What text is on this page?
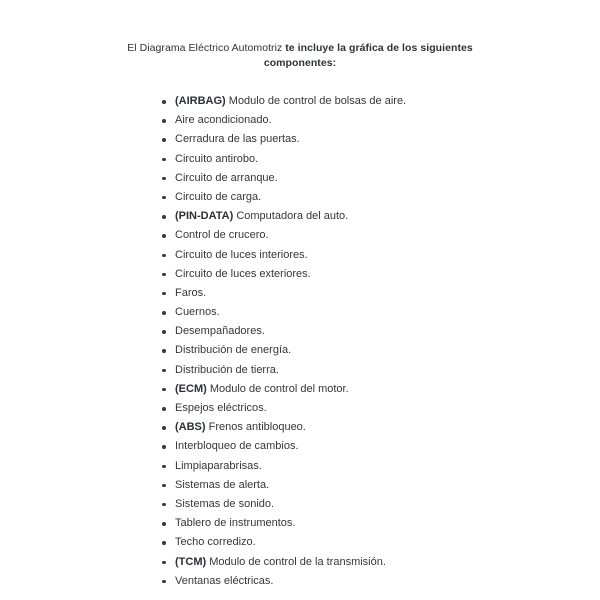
El Diagrama Eléctrico Automotriz te incluye la gráfica de los siguientes
componentes:
(AIRBAG) Modulo de control de bolsas de aire.
Aire acondicionado.
Cerradura de las puertas.
Circuito antirobo.
Circuito de arranque.
Circuito de carga.
(PIN-DATA) Computadora del auto.
Control de crucero.
Circuito de luces interiores.
Circuito de luces exteriores.
Faros.
Cuernos.
Desempañadores.
Distribución de energía.
Distribución de tierra.
(ECM) Modulo de control del motor.
Espejos eléctricos.
(ABS) Frenos antibloqueo.
Interbloqueo de cambios.
Limpiaparabrisas.
Sistemas de alerta.
Sistemas de sonido.
Tablero de instrumentos.
Techo corredizo.
(TCM) Modulo de control de la transmisión.
Ventanas eléctricas.
